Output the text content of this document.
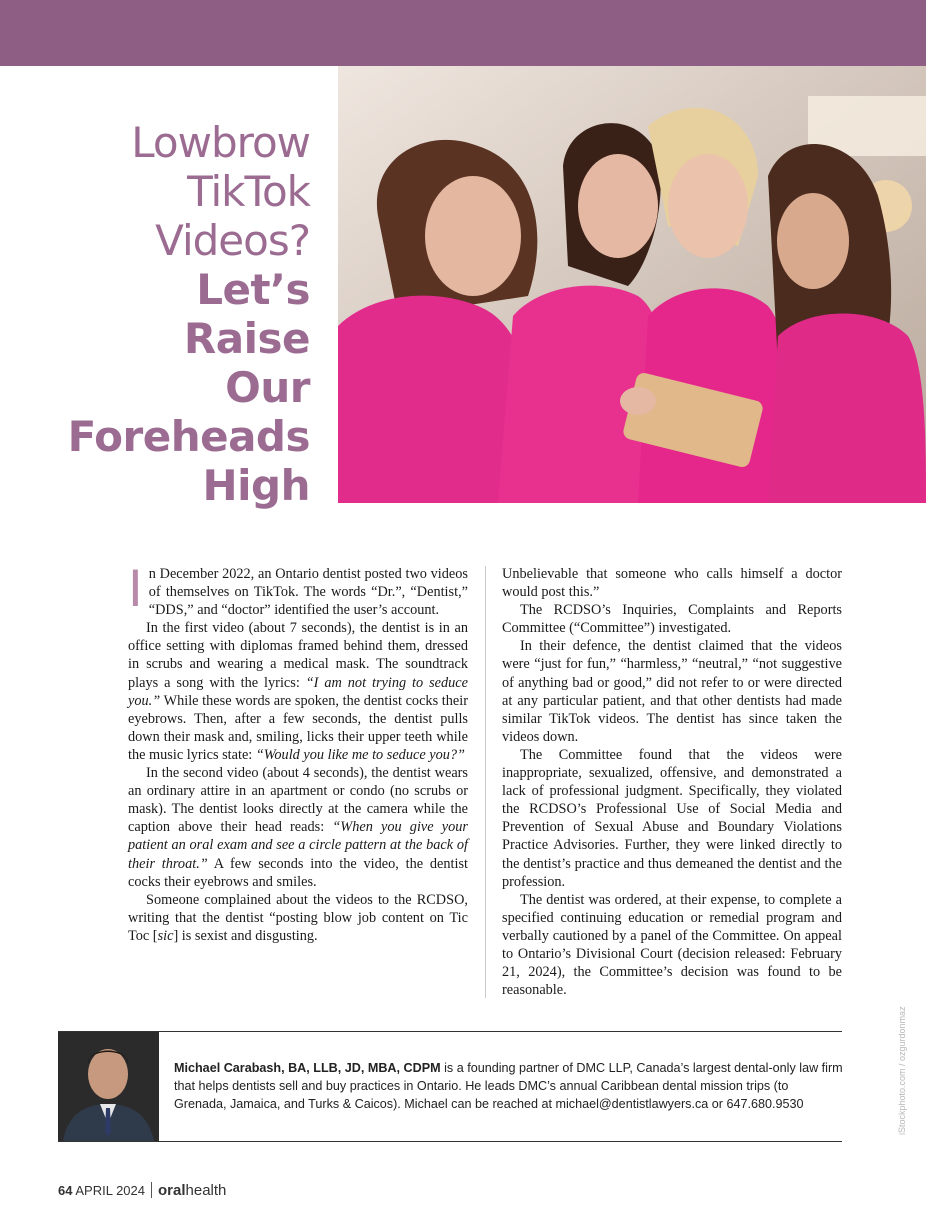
Lowbrow
TikTok
Videos?
Let’s
Raise
Our
Foreheads
High

In December 2022, an Ontario dentist posted two videos of themselves on TikTok. The words “Dr.”, “Dentist,” “DDS,” and “doctor” identified the user’s account.

In the first video (about 7 seconds), the dentist is in an office setting with diplomas framed behind them, dressed in scrubs and wearing a medical mask. The soundtrack plays a song with the lyrics: “I am not trying to seduce you.” While these words are spoken, the dentist cocks their eyebrows. Then, after a few seconds, the dentist pulls down their mask and, smiling, licks their upper teeth while the music lyrics state: “Would you like me to seduce you?”

In the second video (about 4 seconds), the dentist wears an ordinary attire in an apartment or condo (no scrubs or mask). The dentist looks directly at the camera while the caption above their head reads: “When you give your patient an oral exam and see a circle pattern at the back of their throat.” A few seconds into the video, the dentist cocks their eyebrows and smiles.

Someone complained about the videos to the RCDSO, writing that the dentist “posting blow job content on Tic Toc [sic] is sexist and disgusting.

Unbelievable that someone who calls himself a doctor would post this.”

The RCDSO’s Inquiries, Complaints and Reports Committee (“Committee”) investigated.

In their defence, the dentist claimed that the videos were “just for fun,” “harmless,” “neutral,” “not suggestive of anything bad or good,” did not refer to or were directed at any particular patient, and that other dentists had made similar TikTok videos. The dentist has since taken the videos down.

The Committee found that the videos were inappropriate, sexualized, offensive, and demonstrated a lack of professional judgment. Specifically, they violated the RCDSO’s Professional Use of Social Media and Prevention of Sexual Abuse and Boundary Violations Practice Advisories. Further, they were linked directly to the dentist’s practice and thus demeaned the dentist and the profession.

The dentist was ordered, at their expense, to complete a specified continuing education or remedial program and verbally cautioned by a panel of the Committee. On appeal to Ontario’s Divisional Court (decision released: February 21, 2024), the Committee’s decision was found to be reasonable.

iStockphoto.com / ozgurdonmaz
Michael Carabash, BA, LLB, JD, MBA, CDPM is a founding partner of DMC LLP, Canada’s largest dental-only law firm that helps dentists sell and buy practices in Ontario. He leads DMC’s annual Caribbean dental mission trips (to Grenada, Jamaica, and Turks & Caicos). Michael can be reached at michael@dentistlawyers.ca or 647.680.9530
64 APRIL 2024 oralhealth
